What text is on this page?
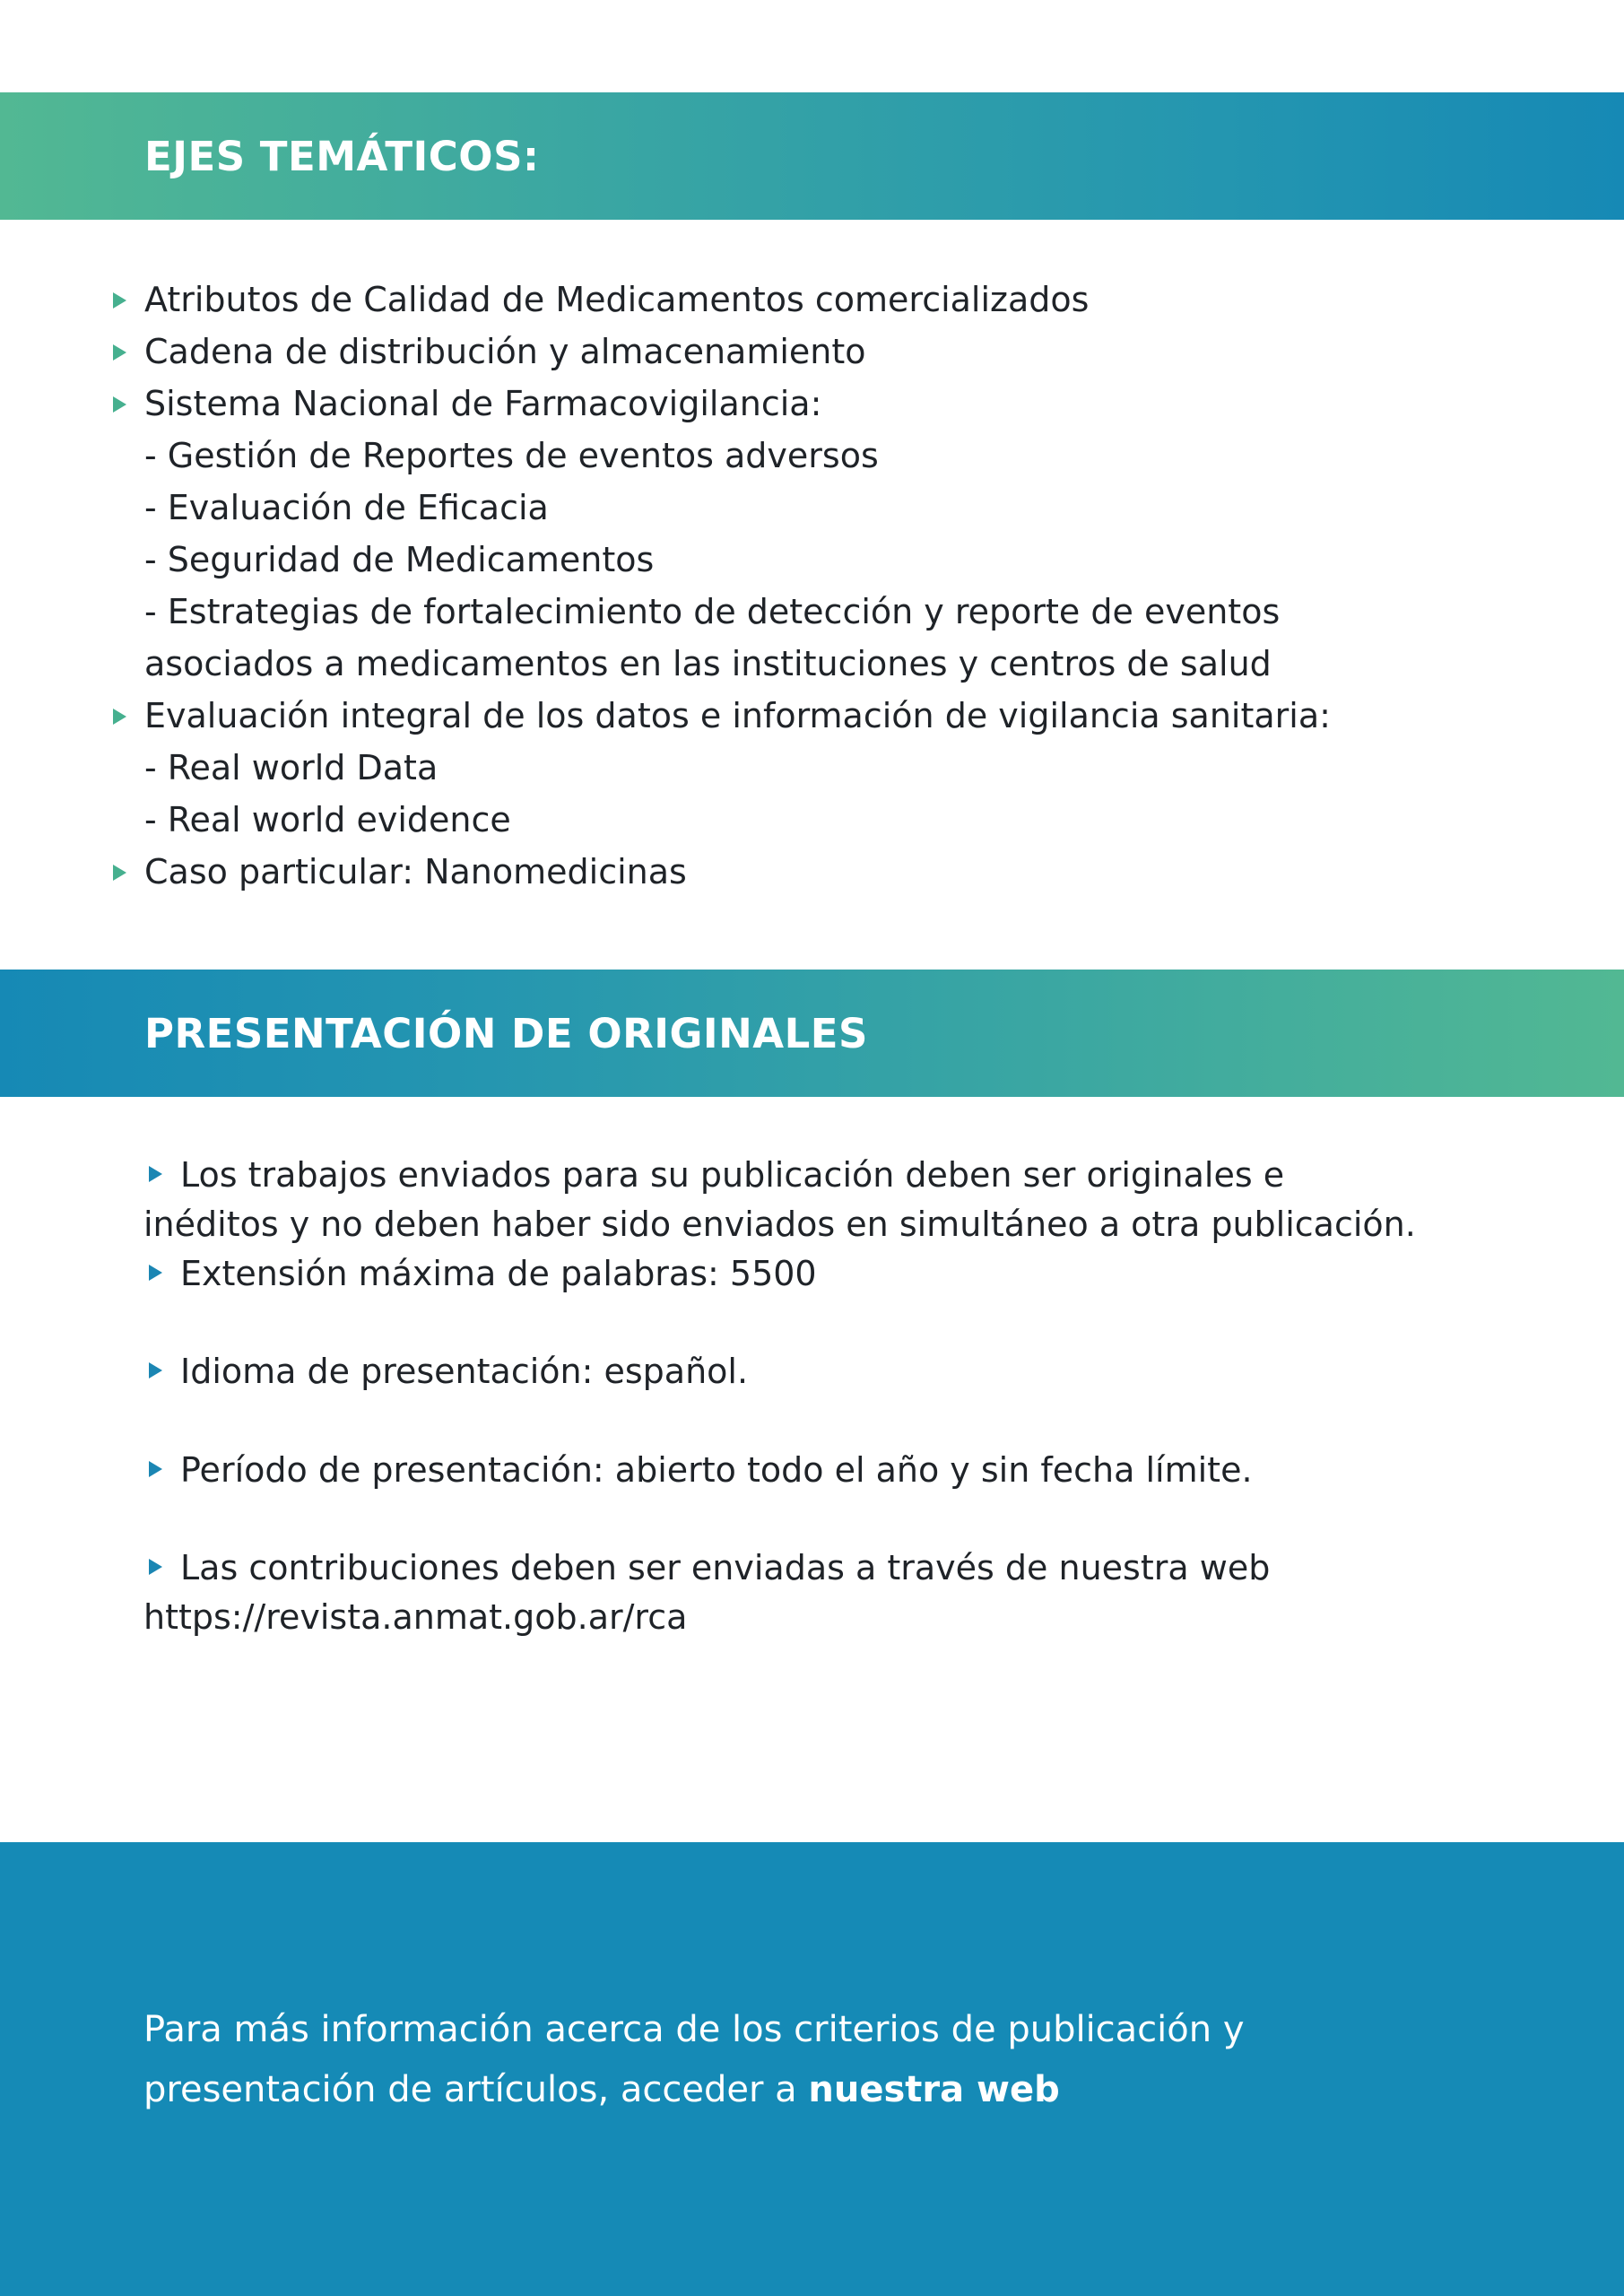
EJES TEMÁTICOS:
Atributos de Calidad de Medicamentos comercializados
Cadena de distribución y almacenamiento
Sistema Nacional de Farmacovigilancia:
- Gestión de Reportes de eventos adversos
- Evaluación de Eficacia
- Seguridad de Medicamentos
- Estrategias de fortalecimiento de detección y reporte de eventos
asociados a medicamentos en las instituciones y centros de salud
Evaluación integral de los datos e información de vigilancia sanitaria:
- Real world Data
- Real world evidence
Caso particular: Nanomedicinas
PRESENTACIÓN DE ORIGINALES
Los trabajos enviados para su publicación deben ser originales e
inéditos y no deben haber sido enviados en simultáneo a otra publicación.
Extensión máxima de palabras: 5500
Idioma de presentación: español.
Período de presentación: abierto todo el año y sin fecha límite.
Las contribuciones deben ser enviadas a través de nuestra web
https://revista.anmat.gob.ar/rca
Para más información acerca de los criterios de publicación y
presentación de artículos, acceder a nuestra web
